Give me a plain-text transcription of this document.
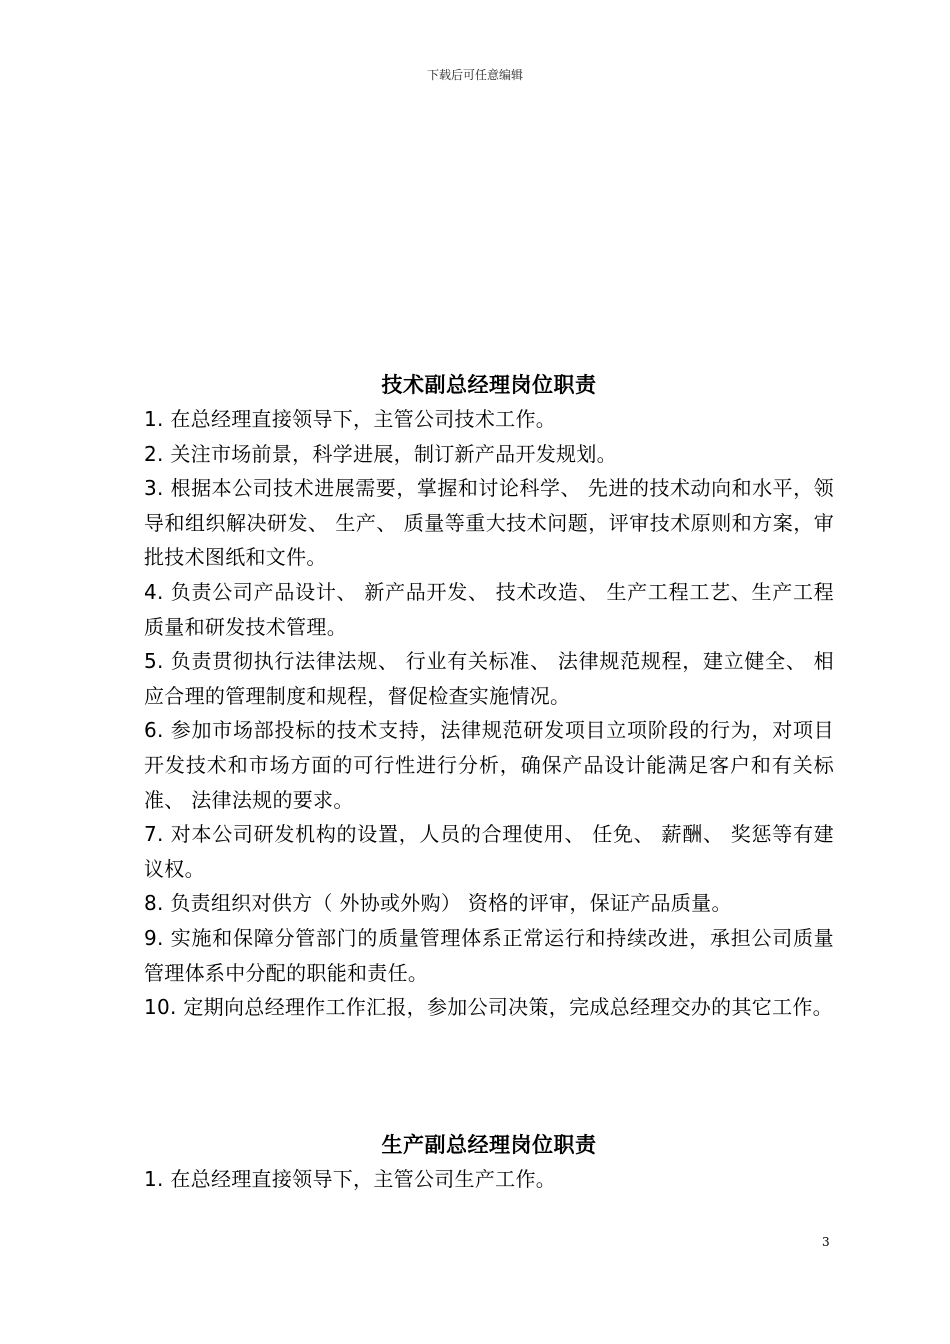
下载后可任意编辑
技术副总经理岗位职责
1. 在总经理直接领导下，主管公司技术工作。
2. 关注市场前景，科学进展，制订新产品开发规划。
3. 根据本公司技术进展需要，掌握和讨论科学、 先进的技术动向和水平，领导和组织解决研发、 生产、 质量等重大技术问题，评审技术原则和方案，审批技术图纸和文件。
4. 负责公司产品设计、 新产品开发、 技术改造、 生产工程工艺、生产工程质量和研发技术管理。
5. 负责贯彻执行法律法规、 行业有关标准、 法律规范规程，建立健全、 相应合理的管理制度和规程，督促检查实施情况。
6. 参加市场部投标的技术支持，法律规范研发项目立项阶段的行为，对项目开发技术和市场方面的可行性进行分析，确保产品设计能满足客户和有关标准、 法律法规的要求。
7. 对本公司研发机构的设置，人员的合理使用、 任免、 薪酬、 奖惩等有建议权。
8. 负责组织对供方（ 外协或外购） 资格的评审，保证产品质量。
9. 实施和保障分管部门的质量管理体系正常运行和持续改进，承担公司质量管理体系中分配的职能和责任。
10. 定期向总经理作工作汇报，参加公司决策，完成总经理交办的其它工作。
生产副总经理岗位职责
1. 在总经理直接领导下，主管公司生产工作。
3
